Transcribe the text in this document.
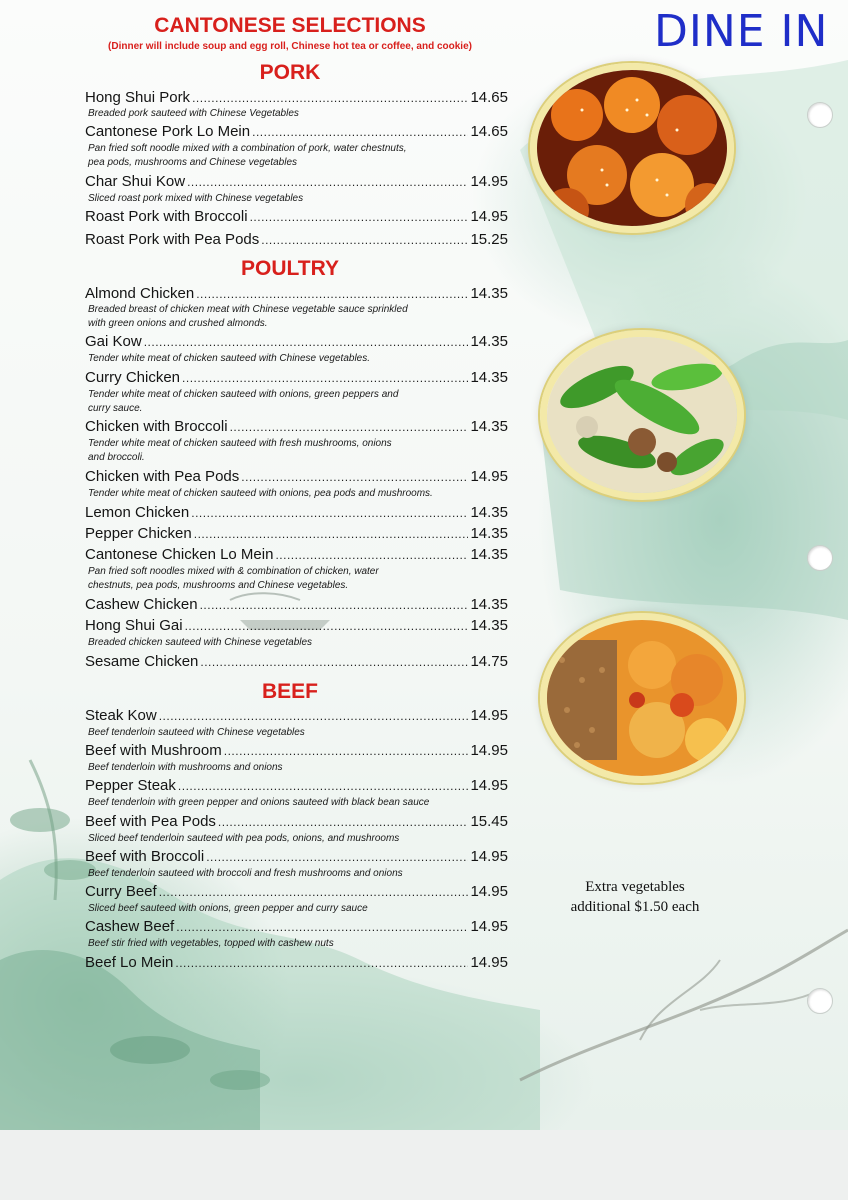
CANTONESE SELECTIONS
(Dinner will include soup and egg roll, Chinese hot tea or coffee, and cookie)	DINE IN
PORK
Hong Shui Pork .....	14.65
Breaded pork sauteed with Chinese Vegetables
Cantonese Pork Lo Mein .....	14.65
Pan fried soft noodle mixed with a combination of pork, water chestnuts,
pea pods, mushrooms and Chinese vegetables
Char Shui Kow .....	14.95
Sliced roast pork mixed with Chinese vegetables
Roast Pork with Broccoli .....	14.95
Roast Pork with Pea Pods .....	15.25
POULTRY
Almond Chicken .....	14.35
Breaded breast of chicken meat with Chinese vegetable sauce sprinkled
with green onions and crushed almonds.
Gai Kow .....	14.35
Tender white meat of chicken sauteed with Chinese vegetables.
Curry Chicken .....	14.35
Tender white meat of chicken sauteed with onions, green peppers and
curry sauce.
Chicken with Broccoli .....	14.35
Tender white meat of chicken sauteed with fresh mushrooms, onions
and broccoli.
Chicken with Pea Pods .....	14.95
Tender white meat of chicken sauteed with onions, pea pods and mushrooms.
Lemon Chicken .....	14.35
Pepper Chicken .....	14.35
Cantonese Chicken Lo Mein .....	14.35
Pan fried soft noodles mixed with & combination of chicken, water
chestnuts, pea pods, mushrooms and Chinese vegetables.
Cashew Chicken .....	14.35
Hong Shui Gai .....	14.35
Breaded chicken sauteed with Chinese vegetables
Sesame Chicken .....	14.75
BEEF
Steak Kow .....	14.95
Beef tenderloin sauteed with Chinese vegetables
Beef with Mushroom .....	14.95
Beef tenderloin with mushrooms and onions
Pepper Steak .....	14.95
Beef tenderloin with green pepper and onions sauteed with black bean sauce
Beef with Pea Pods .....	15.45
Sliced beef tenderloin sauteed with pea pods, onions, and mushrooms
Beef with Broccoli .....	14.95
Beef tenderloin sauteed with broccoli and fresh mushrooms and onions
Curry Beef .....	14.95
Sliced beef sauteed with onions, green pepper and curry sauce
Cashew Beef .....	14.95
Beef stir fried with vegetables, topped with cashew nuts
Beef Lo Mein .....	14.95
Extra vegetables
additional $1.50 each
